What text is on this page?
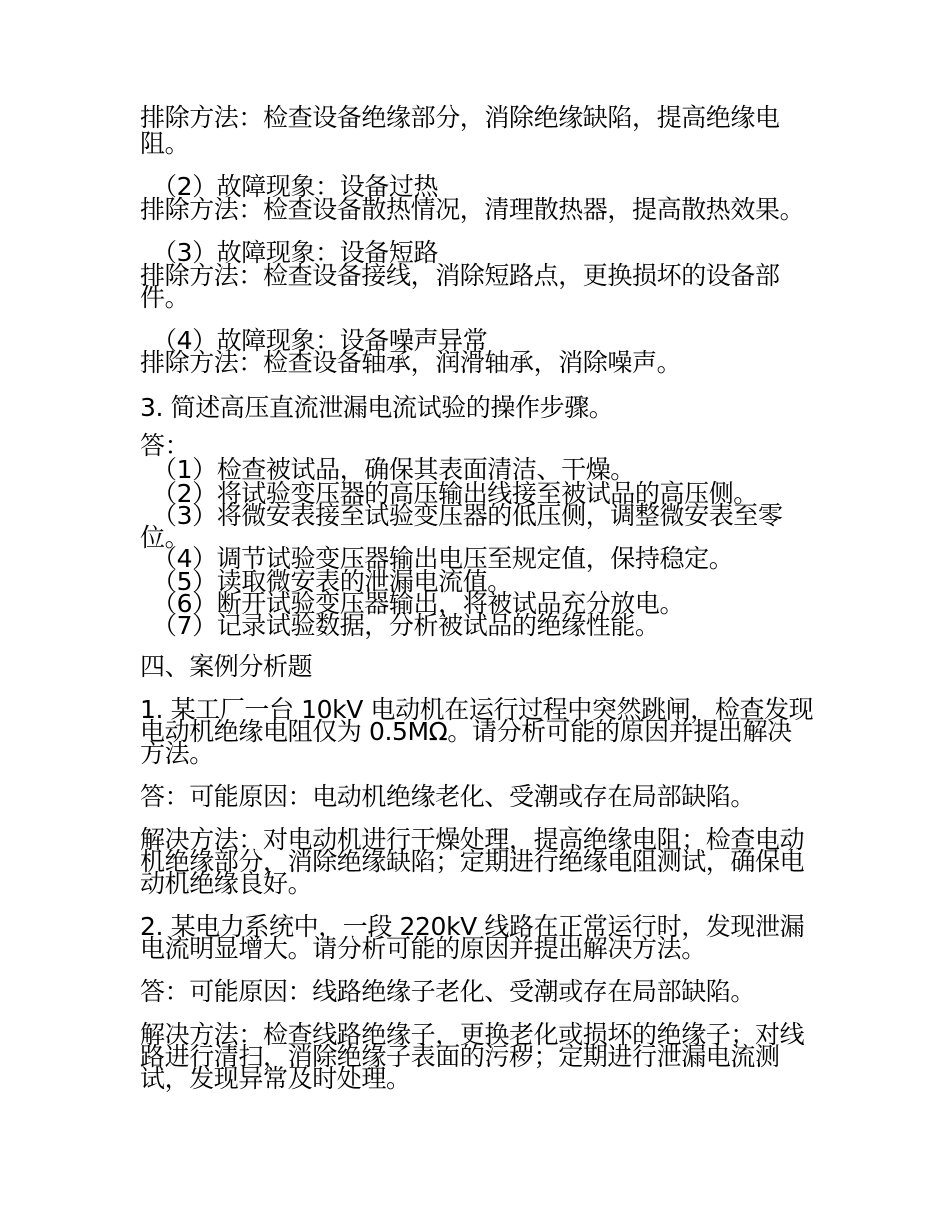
排除方法：检查设备绝缘部分，消除绝缘缺陷，提高绝缘电
阻。
（2）故障现象：设备过热
排除方法：检查设备散热情况，清理散热器，提高散热效果。
（3）故障现象：设备短路
排除方法：检查设备接线，消除短路点，更换损坏的设备部
件。
（4）故障现象：设备噪声异常
排除方法：检查设备轴承，润滑轴承，消除噪声。
3. 简述高压直流泄漏电流试验的操作步骤。
答：
（1）检查被试品，确保其表面清洁、干燥。
（2）将试验变压器的高压输出线接至被试品的高压侧。
（3）将微安表接至试验变压器的低压侧，调整微安表至零
位。
（4）调节试验变压器输出电压至规定值，保持稳定。
（5）读取微安表的泄漏电流值。
（6）断开试验变压器输出，将被试品充分放电。
（7）记录试验数据，分析被试品的绝缘性能。
四、案例分析题
1. 某工厂一台 10kV 电动机在运行过程中突然跳闸，检查发现
电动机绝缘电阻仅为 0.5MΩ。请分析可能的原因并提出解决
方法。
答：可能原因：电动机绝缘老化、受潮或存在局部缺陷。
解决方法：对电动机进行干燥处理，提高绝缘电阻；检查电动
机绝缘部分，消除绝缘缺陷；定期进行绝缘电阻测试，确保电
动机绝缘良好。
2. 某电力系统中，一段 220kV 线路在正常运行时，发现泄漏
电流明显增大。请分析可能的原因并提出解决方法。
答：可能原因：线路绝缘子老化、受潮或存在局部缺陷。
解决方法：检查线路绝缘子，更换老化或损坏的绝缘子；对线
路进行清扫，消除绝缘子表面的污秽；定期进行泄漏电流测
试，发现异常及时处理。
